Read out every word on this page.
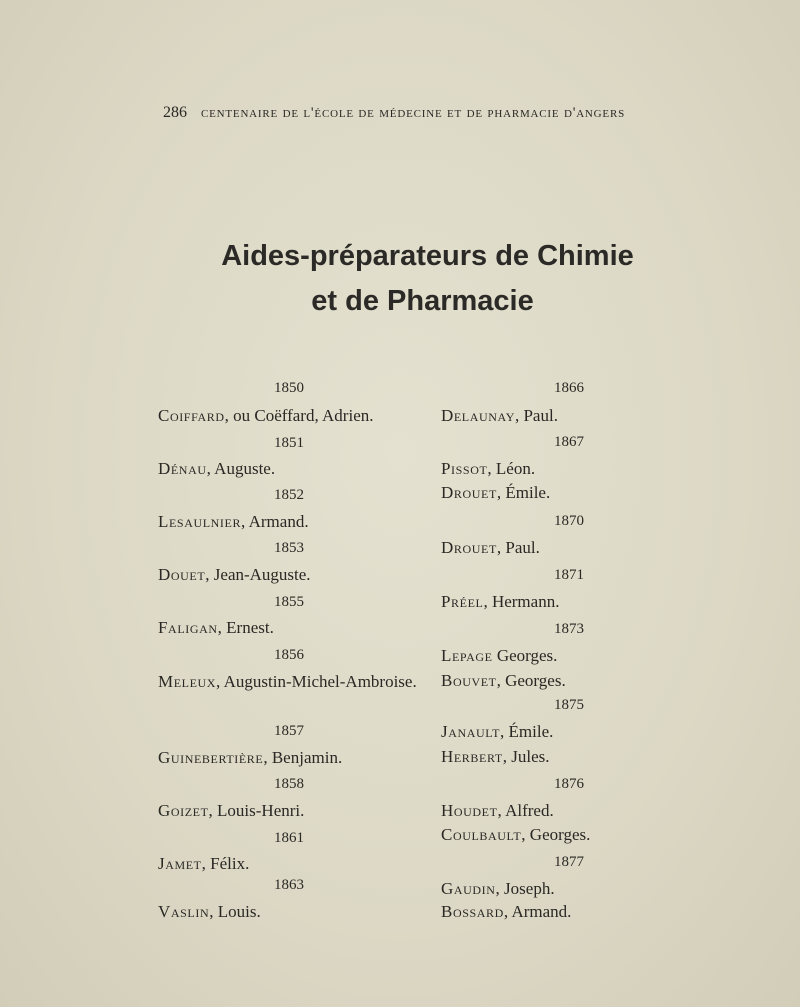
286 centenaire de l'école de médecine et de pharmacie d'angers
Aides-préparateurs de Chimie
et de Pharmacie
1850
Coiffard, ou Coëffard, Adrien.
1851
Dénau, Auguste.
1852
Lesaulnier, Armand.
1853
Douet, Jean-Auguste.
1855
Faligan, Ernest.
1856
Meleux, Augustin-Michel-Ambroise.
1857
Guinebertière, Benjamin.
1858
Goizet, Louis-Henri.
1861
Jamet, Félix.
1863
Vaslin, Louis.
1866
Delaunay, Paul.
1867
Pissot, Léon.
Drouet, Émile.
1870
Drouet, Paul.
1871
Préel, Hermann.
1873
Lepage Georges.
Bouvet, Georges.
1875
Janault, Émile.
Herbert, Jules.
1876
Houdet, Alfred.
Coulbault, Georges.
1877
Gaudin, Joseph.
Bossard, Armand.
